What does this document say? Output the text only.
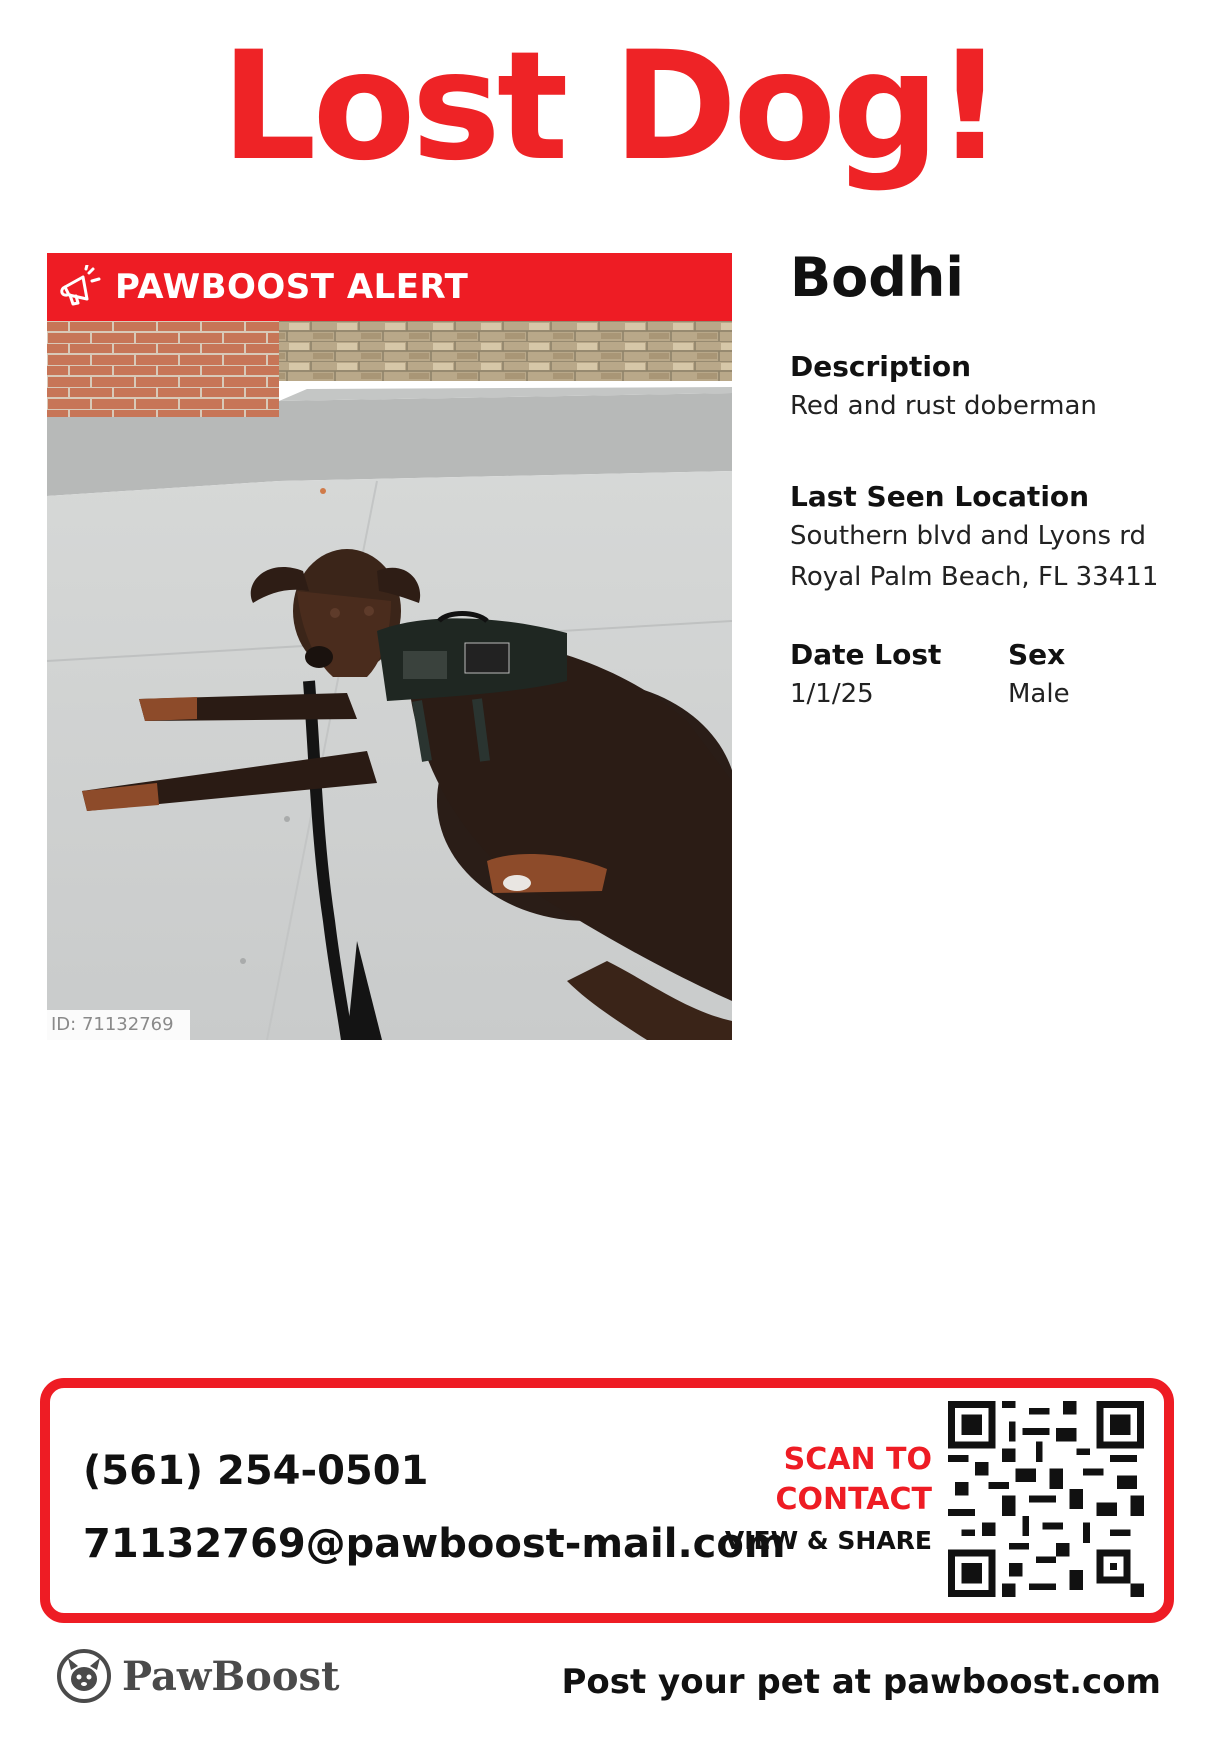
Lost Dog!
PAWBOOST ALERT
ID: 71132769
Bodhi
Description
Red and rust doberman
Last Seen Location
Southern blvd and Lyons rd
Royal Palm Beach, FL 33411
Date Lost
1/1/25
Sex
Male
(561) 254-0501
71132769@pawboost-mail.com
SCAN TO
CONTACT
VIEW & SHARE
PawBoost	Post your pet at pawboost.com
